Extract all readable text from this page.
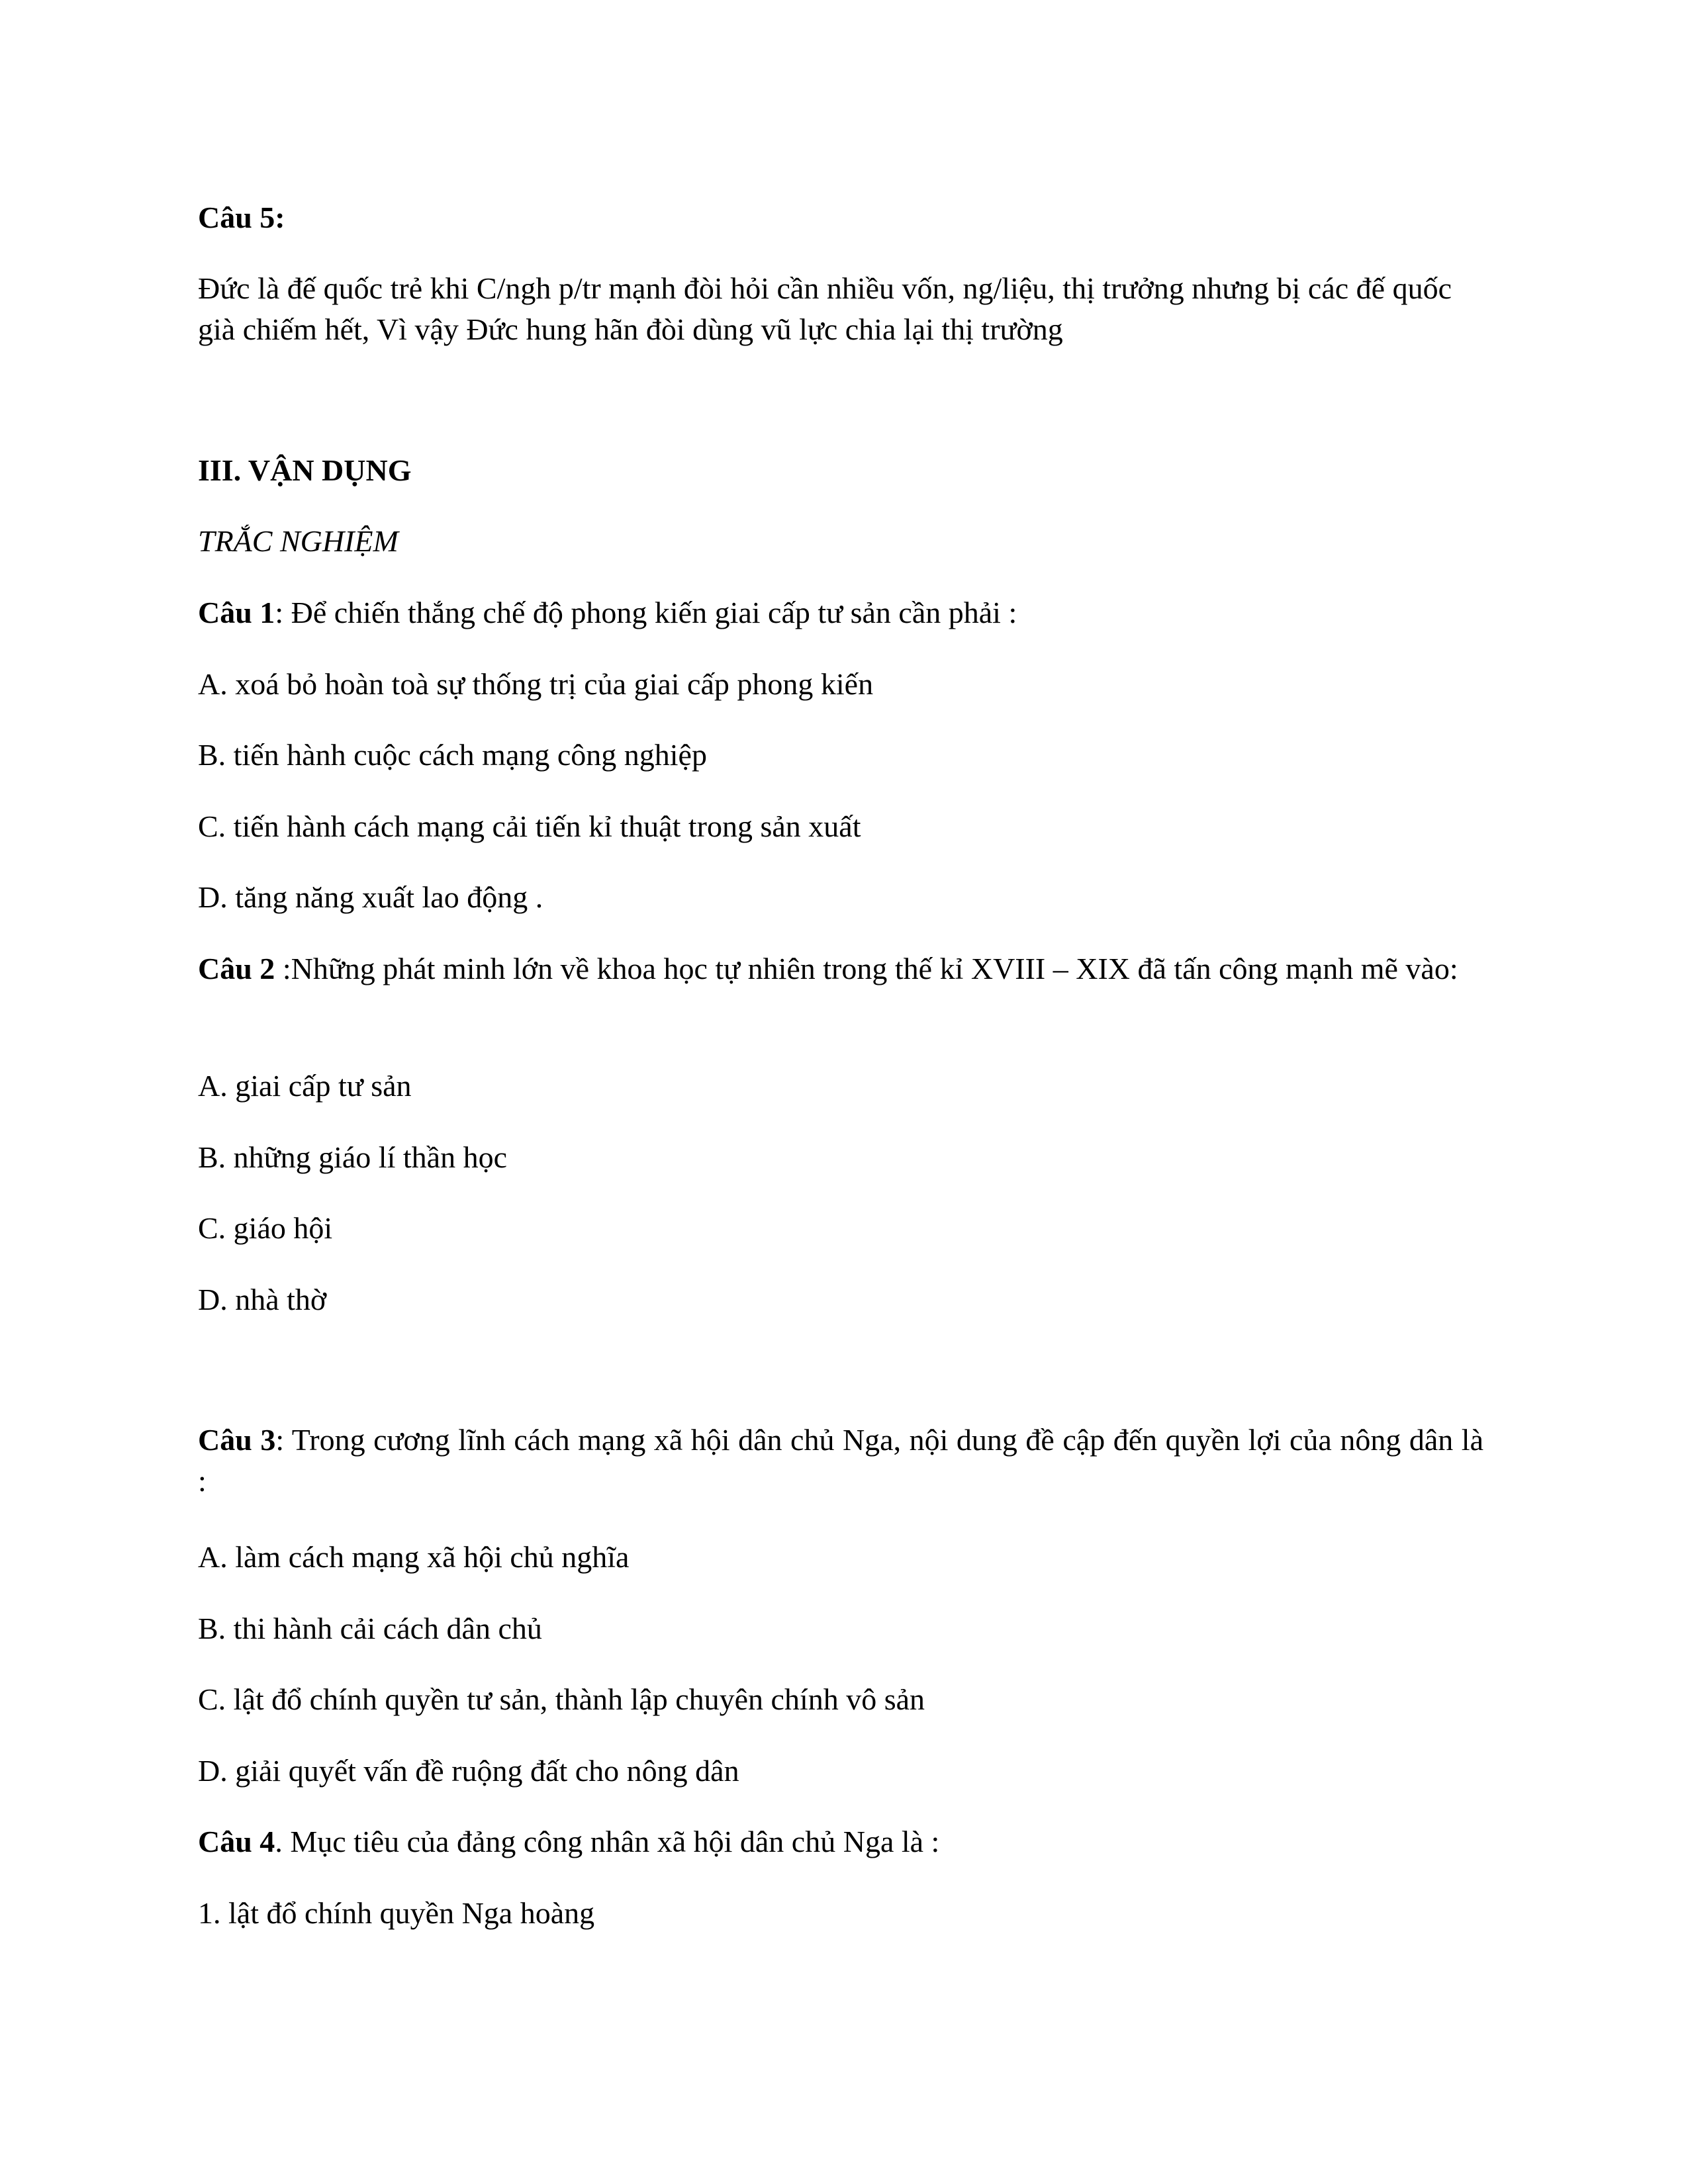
Câu 5:

Đức là đế quốc trẻ khi C/ngh p/tr mạnh đòi hỏi cần nhiều vốn, ng/liệu, thị trưởng nhưng bị các đế quốc già chiếm hết, Vì vậy Đức hung hãn đòi dùng vũ lực chia lại thị trường

III. VẬN DỤNG

TRẮC NGHIỆM

Câu 1: Để chiến thắng chế độ phong kiến giai cấp tư sản cần phải :

A. xoá bỏ hoàn toà sự thống trị của giai cấp phong kiến

B. tiến hành cuộc cách mạng công nghiệp

C. tiến hành cách mạng cải tiến kỉ thuật trong sản xuất

D. tăng năng xuất lao động .

Câu 2 :Những phát minh lớn về khoa học tự nhiên trong thế kỉ XVIII – XIX đã tấn công mạnh mẽ vào:

A. giai cấp tư sản

B. những giáo lí thần học

C. giáo hội

D. nhà thờ

Câu 3: Trong cương lĩnh cách mạng xã hội dân chủ Nga, nội dung đề cập đến quyền lợi của nông dân là :

A. làm cách mạng xã hội chủ nghĩa

B. thi hành cải cách dân chủ

C. lật đổ chính quyền tư sản, thành lập chuyên chính vô sản

D. giải quyết vấn đề ruộng đất cho nông dân

Câu 4. Mục tiêu của đảng công nhân xã hội dân chủ Nga là :

1. lật đổ chính quyền Nga hoàng
